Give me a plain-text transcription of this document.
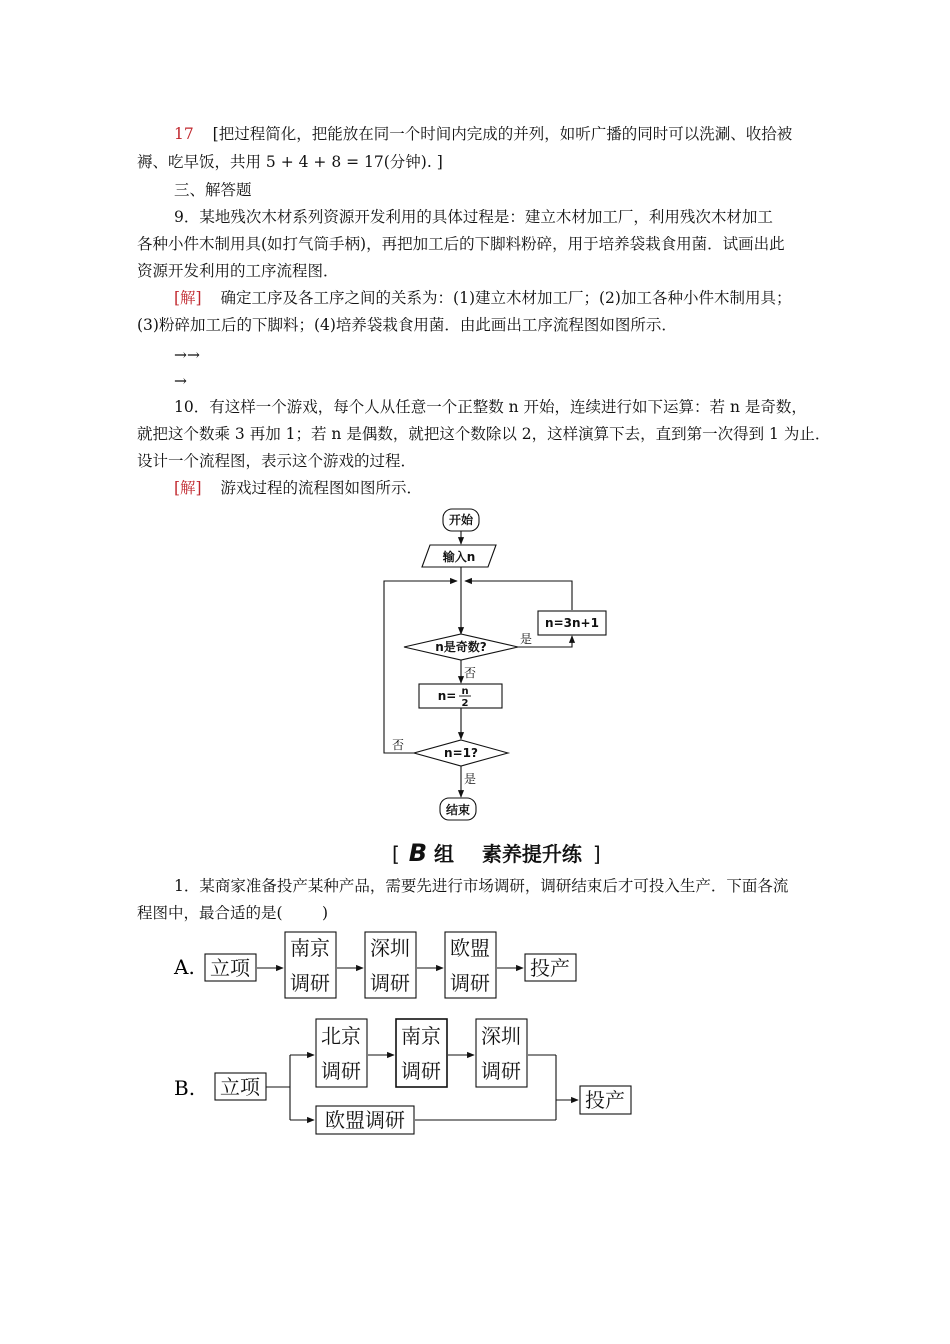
17 [把过程简化，把能放在同一个时间内完成的并列，如听广播的同时可以洗涮、收拾被
褥、吃早饭，共用 5 + 4 + 8 = 17(分钟). ]
三、解答题
9．某地残次木材系列资源开发利用的具体过程是：建立木材加工厂，利用残次木材加工
各种小件木制用具(如打气筒手柄)，再把加工后的下脚料粉碎，用于培养袋栽食用菌．试画出此
资源开发利用的工序流程图．
[解] 确定工序及各工序之间的关系为：(1)建立木材加工厂；(2)加工各种小件木制用具；
(3)粉碎加工后的下脚料；(4)培养袋栽食用菌．由此画出工序流程图如图所示．
→→
→
10．有这样一个游戏，每个人从任意一个正整数 n 开始，连续进行如下运算：若 n 是奇数，
就把这个数乘 3 再加 1；若 n 是偶数，就把这个数除以 2，这样演算下去，直到第一次得到 1 为止．
设计一个流程图，表示这个游戏的过程．
[解] 游戏过程的流程图如图所示．
开始
输入n
n是奇数?
n=3n+1
n= n
2
n=1?
结束
是
否
否
是
[ B 组    素养提升练 ]
1．某商家准备投产某种产品，需要先进行市场调研，调研结束后才可投入生产．下面各流
程图中，最合适的是(        )
A. 立项
南京
调研
深圳
调研
欧盟
调研
投产
B. 立项
北京
调研
南京
调研
深圳
调研
欧盟调研
投产
